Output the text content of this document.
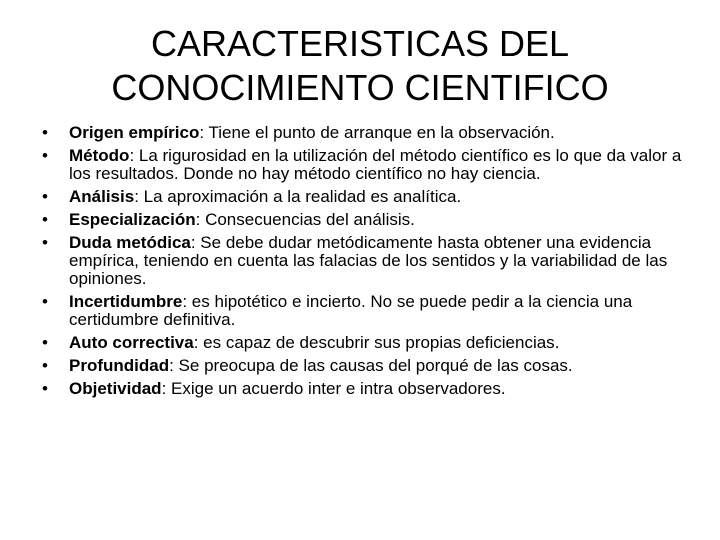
CARACTERISTICAS DEL
CONOCIMIENTO CIENTIFICO
• Origen empírico: Tiene el punto de arranque en la observación.
• Método: La rigurosidad en la utilización del método científico es lo que da valor a los resultados. Donde no hay método científico no hay ciencia.
• Análisis: La aproximación a la realidad es analítica.
• Especialización: Consecuencias del análisis.
• Duda metódica: Se debe dudar metódicamente hasta obtener una evidencia empírica, teniendo en cuenta las falacias de los sentidos y la variabilidad de las opiniones.
• Incertidumbre: es hipotético e incierto. No se puede pedir a la ciencia una certidumbre definitiva.
• Auto correctiva: es capaz de descubrir sus propias deficiencias.
• Profundidad: Se preocupa de las causas del porqué de las cosas.
• Objetividad: Exige un acuerdo inter e intra observadores.
